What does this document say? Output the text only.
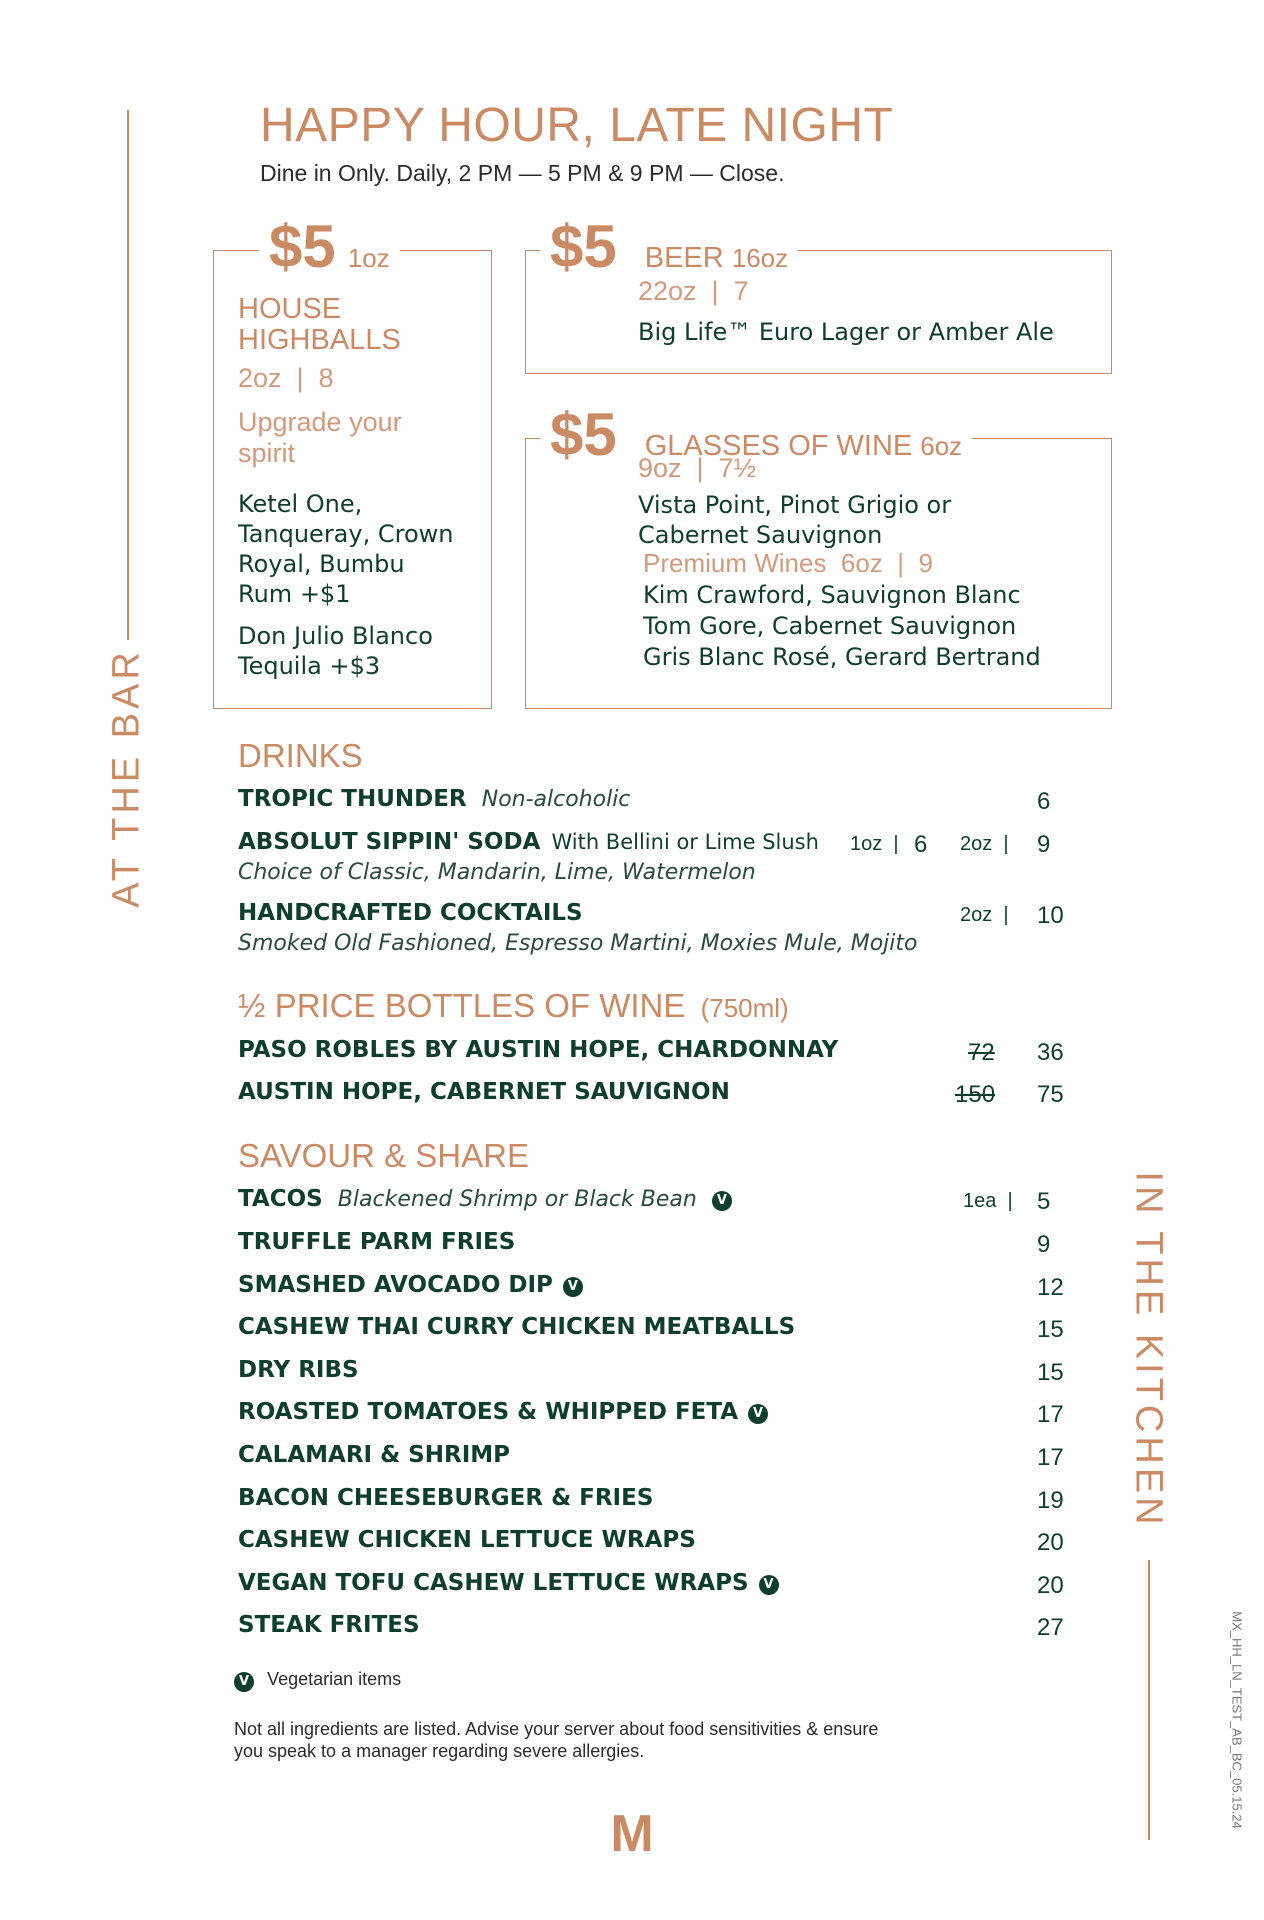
HAPPY HOUR, LATE NIGHT
Dine in Only. Daily, 2 PM — 5 PM & 9 PM — Close.
AT THE BAR
IN THE KITCHEN
MX_HH_LN_TEST_AB_BC_05.15.24
$5 1oz
HOUSE HIGHBALLS
2oz  |  8
Upgrade your spirit
Ketel One, Tanqueray, Crown Royal, Bumbu Rum +$1
Don Julio Blanco Tequila +$3
$5 BEER 16oz
22oz  |  7
Big Life™ Euro Lager or Amber Ale
$5 GLASSES OF WINE 6oz
9oz  |  7½
Vista Point, Pinot Grigio or Cabernet Sauvignon
Premium Wines  6oz  |  9
Kim Crawford, Sauvignon Blanc
Tom Gore, Cabernet Sauvignon
Gris Blanc Rosé, Gerard Bertrand
DRINKS
TROPIC THUNDER Non-alcoholic	6
ABSOLUT SIPPIN' SODA With Bellini or Lime Slush 1oz  | 6 2oz  | 9
Choice of Classic, Mandarin, Lime, Watermelon
HANDCRAFTED COCKTAILS	2oz  | 10
Smoked Old Fashioned, Espresso Martini, Moxies Mule, Mojito
½ PRICE BOTTLES OF WINE (750ml)
PASO ROBLES BY AUSTIN HOPE, CHARDONNAY	72 36
AUSTIN HOPE, CABERNET SAUVIGNON	150 75
SAVOUR & SHARE
TACOS Blackened Shrimp or Black Bean V	1ea  | 5
TRUFFLE PARM FRIES	9
SMASHED AVOCADO DIP V	12
CASHEW THAI CURRY CHICKEN MEATBALLS	15
DRY RIBS	15
ROASTED TOMATOES & WHIPPED FETA V	17
CALAMARI & SHRIMP	17
BACON CHEESEBURGER & FRIES	19
CASHEW CHICKEN LETTUCE WRAPS	20
VEGAN TOFU CASHEW LETTUCE WRAPS V	20
STEAK FRITES	27
V Vegetarian items
Not all ingredients are listed. Advise your server about food sensitivities & ensure
you speak to a manager regarding severe allergies.
M
